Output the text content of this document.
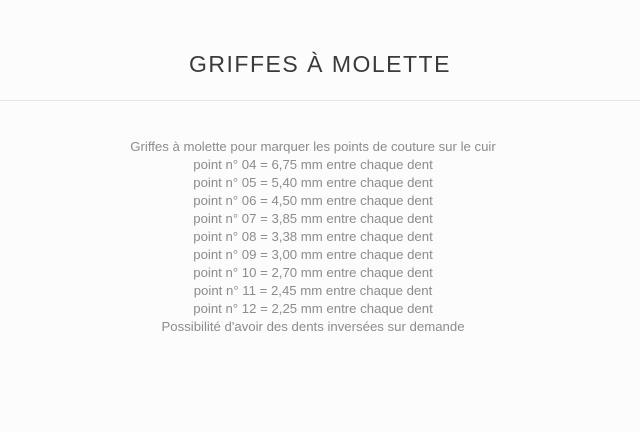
GRIFFES À MOLETTE
Griffes à molette pour marquer les points de couture sur le cuir
point n° 04 = 6,75 mm entre chaque dent
point n° 05 = 5,40 mm entre chaque dent
point n° 06 = 4,50 mm entre chaque dent
point n° 07 = 3,85 mm entre chaque dent
point n° 08 = 3,38 mm entre chaque dent
point n° 09 = 3,00 mm entre chaque dent
point n° 10 = 2,70 mm entre chaque dent
point n° 11 = 2,45 mm entre chaque dent
point n° 12 = 2,25 mm entre chaque dent
Possibilité d'avoir des dents inversées sur demande
